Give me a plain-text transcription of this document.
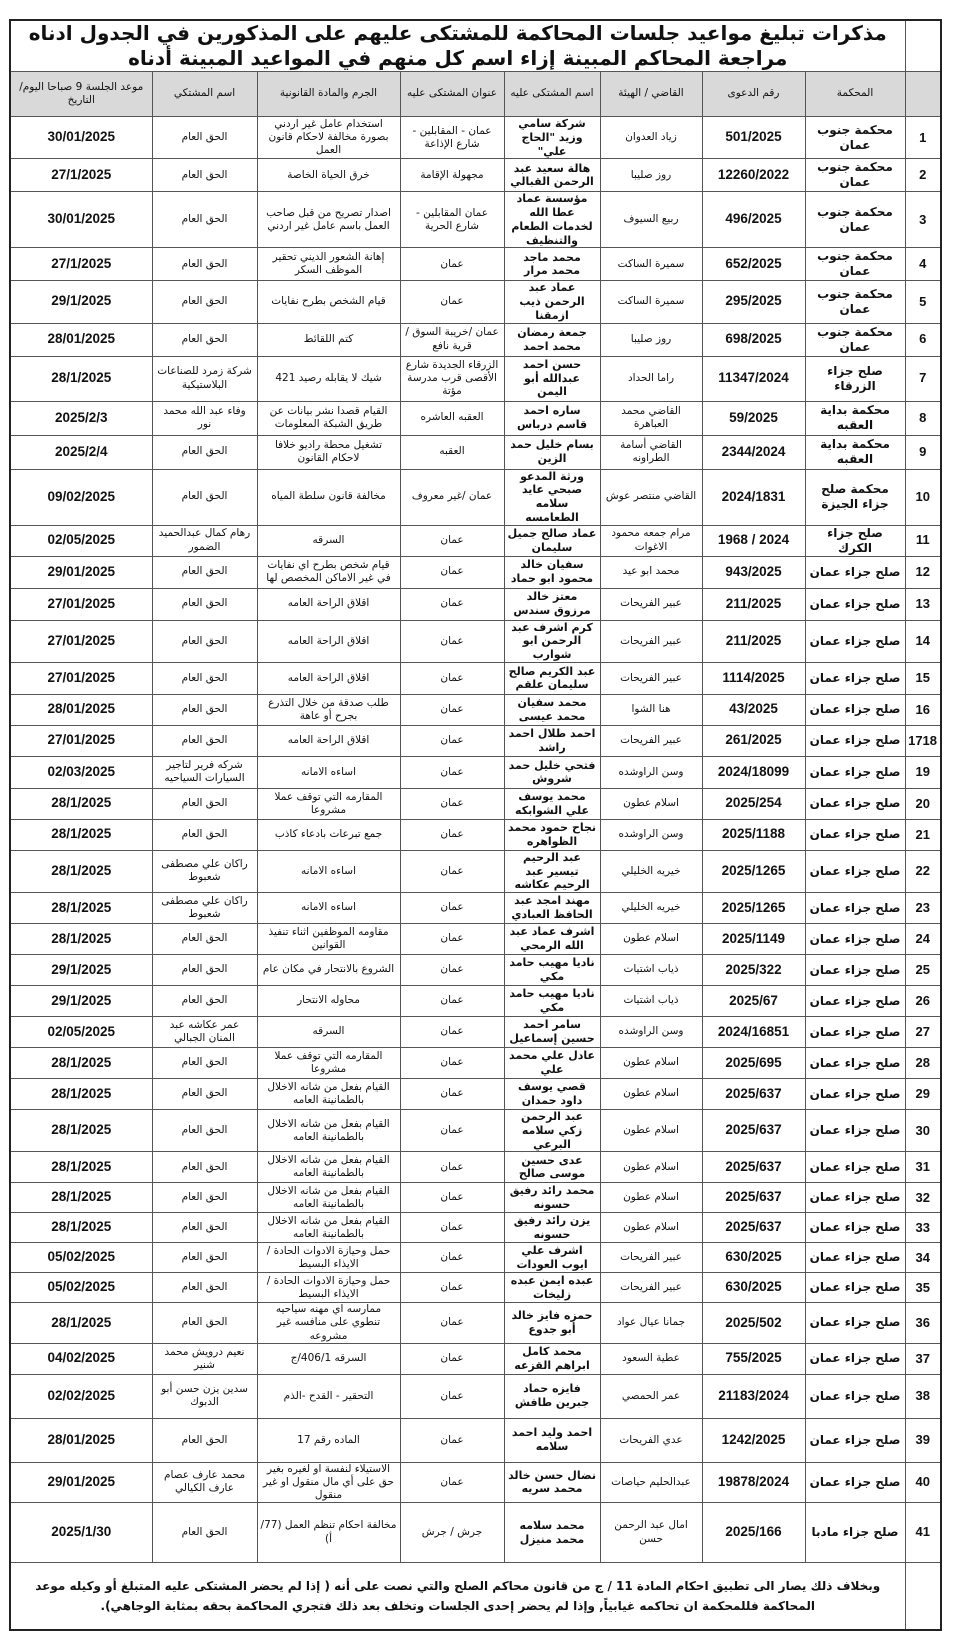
	مذكرات تبليغ مواعيد جلسات المحاكمة للمشتكى عليهم على المذكورين في الجدول ادناه مراجعة المحاكم المبينة إزاء اسم كل منهم في المواعيد المبينة أدناه							
	المحكمة	رقم الدعوى	القاضي / الهيئة	اسم المشتكى عليه	عنوان المشتكى عليه	الجرم والمادة القانونية	اسم المشتكي	موعد الجلسة 9 صباحا اليوم/التاريخ
1	محكمة جنوب عمان	501/2025	زياد العدوان	شركة سامي وزيد "الحاج علي"	عمان - المقابلين - شارع الإذاعة	استخدام عامل غير اردني بصورة مخالفة لاحكام قانون العمل	الحق العام	30/01/2025
2	محكمة جنوب عمان	12260/2022	روز صليبا	هالة سعيد عبد الرحمن القبالي	مجهولة الإقامة	خرق الحياة الخاصة	الحق العام	27/1/2025
3	محكمة جنوب عمان	496/2025	ربيع السيوف	مؤسسة عماد عطا الله لخدمات الطعام والتنظيف	عمان المقابلين - شارع الحرية	اصدار تصريح من قبل صاحب العمل باسم عامل غير اردني	الحق العام	30/01/2025
4	محكمة جنوب عمان	652/2025	سميرة الساكت	محمد ماجد محمد مرار	عمان	إهانة الشعور الديني تحقير الموظف السكر	الحق العام	27/1/2025
5	محكمة جنوب عمان	295/2025	سميرة الساكت	عماد عبد الرحمن ذيب ازمقنا	عمان	قيام الشخص بطرح نفايات	الحق العام	29/1/2025
6	محكمة جنوب عمان	698/2025	روز صليبا	جمعة رمضان محمد احمد	عمان /خريبة السوق /قرية نافع	كتم اللقائط	الحق العام	28/01/2025
7	صلح جزاء الزرقاء	11347/2024	راما الحداد	حسن احمد عبدالله أبو اليمن	الزرقاء الجديدة شارع الأقصى قرب مدرسة مؤتة	شيك لا يقابله رصيد 421	شركة زمرد للصناعات البلاستيكية	28/1/2025
8	محكمة بداية العقبه	59/2025	القاضي محمد العباهرة	ساره احمد قاسم درباس	العقبه العاشره	القيام قصدا نشر بيانات عن طريق الشبكة المعلومات	وفاء عبد الله محمد نور	2025/2/3
9	محكمة بداية العقبه	2344/2024	القاضي أسامة الطراونه	بسام خليل حمد الزين	العقبه	تشغيل محطة راديو خلافا لاحكام القانون	الحق العام	2025/2/4
10	محكمة صلح جزاء الجيزة	2024/1831	القاضي منتصر عوش	ورثة المدعو صبحي عايد سلامه الطعامسه	عمان /غير معروف	مخالفة قانون سلطة المياه	الحق العام	09/02/2025
11	صلح جزاء الكرك	1968 / 2024	مرام جمعه محمود الاغوات	عماد صالح جميل سليمان	عمان	السرقه	رهام كمال عبدالحميد الضمور	02/05/2025
12	صلح جزاء عمان	943/2025	محمد ابو عيد	سفيان خالد محمود ابو حماد	عمان	قيام شخص بطرح اي نفايات في غير الاماكن المخصص لها	الحق العام	29/01/2025
13	صلح جزاء عمان	211/2025	عبير الفريحات	معتز خالد مرزوق سندس	عمان	اقلاق الراحة العامه	الحق العام	27/01/2025
14	صلح جزاء عمان	211/2025	عبير الفريحات	كرم اشرف عبد الرحمن ابو شوارب	عمان	اقلاق الراحة العامه	الحق العام	27/01/2025
15	صلح جزاء عمان	1114/2025	عبير الفريحات	عبد الكريم صالح سليمان علقم	عمان	اقلاق الراحة العامه	الحق العام	27/01/2025
16	صلح جزاء عمان	43/2025	هنا الشوا	محمد سفيان محمد عيسى	عمان	طلب صدقة من خلال التذرع بجرح أو عاهة	الحق العام	28/01/2025
1718	صلح جزاء عمان	261/2025	عبير الفريحات	احمد طلال احمد راشد	عمان	اقلاق الراحة العامه	الحق العام	27/01/2025
19	صلح جزاء عمان	2024/18099	وسن الراوشده	فتحي خليل حمد شروش	عمان	اساءه الامانه	شركه فرير لتاجير السيارات السياحيه	02/03/2025
20	صلح جزاء عمان	2025/254	اسلام عطون	محمد يوسف علي الشوابكه	عمان	المقارمه التي توقف عملا مشروعا	الحق العام	28/1/2025
21	صلح جزاء عمان	2025/1188	وسن الراوشده	نجاح حمود محمد الظواهره	عمان	جمع تبرعات بادعاء كاذب	الحق العام	28/1/2025
22	صلح جزاء عمان	2025/1265	خيريه الخليلي	عبد الرحيم تيسير عبد الرحيم عكاشه	عمان	اساءه الامانه	راكان علي مصطفى شعبوط	28/1/2025
23	صلح جزاء عمان	2025/1265	خيريه الخليلي	مهند امجد عبد الحافظ العبادي	عمان	اساءه الامانه	راكان علي مصطفى شعبوط	28/1/2025
24	صلح جزاء عمان	2025/1149	اسلام عطون	اشرف عماد عبد الله الرمحي	عمان	مقاومه الموظفين اثناء تنفيذ القوانين	الحق العام	28/1/2025
25	صلح جزاء عمان	2025/322	ذياب اشتيات	ناديا مهيب حامد مكي	عمان	الشروع بالانتحار في مكان عام	الحق العام	29/1/2025
26	صلح جزاء عمان	2025/67	ذياب اشتيات	ناديا مهيب حامد مكي	عمان	محاوله الانتحار	الحق العام	29/1/2025
27	صلح جزاء عمان	2024/16851	وسن الراوشده	سامر احمد حسين إسماعيل	عمان	السرقه	عمر عكاشه عبد المنان الجبالي	02/05/2025
28	صلح جزاء عمان	2025/695	اسلام عطون	عادل علي محمد علي	عمان	المقارمه التي توقف عملا مشروعا	الحق العام	28/1/2025
29	صلح جزاء عمان	2025/637	اسلام عطون	قصي يوسف داود حمدان	عمان	القيام بفعل من شانه الاخلال بالطمانينة العامه	الحق العام	28/1/2025
30	صلح جزاء عمان	2025/637	اسلام عطون	عبد الرحمن زكي سلامه البرعي	عمان	القيام بفعل من شانه الاخلال بالطمانينة العامه	الحق العام	28/1/2025
31	صلح جزاء عمان	2025/637	اسلام عطون	عدى حسين موسى صالح	عمان	القيام بفعل من شانه الاخلال بالطمانينة العامه	الحق العام	28/1/2025
32	صلح جزاء عمان	2025/637	اسلام عطون	محمد رائد رفيق حسونه	عمان	القيام بفعل من شانه الاخلال بالطمانينة العامه	الحق العام	28/1/2025
33	صلح جزاء عمان	2025/637	اسلام عطون	يزن رائد رفيق حسونه	عمان	القيام بفعل من شانه الاخلال بالطمانينة العامه	الحق العام	28/1/2025
34	صلح جزاء عمان	630/2025	عبير الفريحات	اشرف علي ايوب العودات	عمان	حمل وحيازة الادوات الحادة /الايذاء البسيط	الحق العام	05/02/2025
35	صلح جزاء عمان	630/2025	عبير الفريحات	عبده ايمن عبده زليخات	عمان	حمل وحيازة الادوات الحادة /الايذاء البسيط	الحق العام	05/02/2025
36	صلح جزاء عمان	2025/502	جمانا عيال عواد	حمزه فايز خالد أبو جدوع	عمان	ممارسه اي مهنه سياحيه تنطوي على منافسه غير مشروعه	الحق العام	28/1/2025
37	صلح جزاء عمان	755/2025	عطية السعود	محمد كامل ابراهم القزعه	عمان	السرقه 406/1/ج	نعيم درويش محمد شنير	04/02/2025
38	صلح جزاء عمان	21183/2024	عمر الحمصي	فايزه حماد جبرين طافش	عمان	التحقير - القدح -الذم	سدين يزن حسن أبو الدبوك	02/02/2025
39	صلح جزاء عمان	1242/2025	عدي الفريحات	احمد وليد احمد سلامه	عمان	الماده رقم 17	الحق العام	28/01/2025
40	صلح جزاء عمان	19878/2024	عبدالحليم حياصات	نضال حسن خالد محمد سريه	عمان	الاستيلاء لنفسة او لغيره بغير حق على أي مال منقول او غير منقول	محمد عارف عصام عارف الكيالي	29/01/2025
41	صلح جزاء مادبا	2025/166	امال عبد الرحمن حسن	محمد سلامه محمد منيزل	جرش / جرش	مخالفة احكام تنظم العمل (77/ أ)	الحق العام	2025/1/30
	وبخلاف ذلك يصار الى تطبيق احكام المادة 11 / ج من قانون محاكم الصلح والتي نصت على أنه ( إذا لم يحضر المشتكى عليه المتبلغ أو وكيله موعد المحاكمة فللمحكمة ان تحاكمه غيابياً, وإذا لم يحضر إحدى الجلسات وتخلف بعد ذلك فتجري المحاكمة بحقه بمثابة الوجاهي).							
